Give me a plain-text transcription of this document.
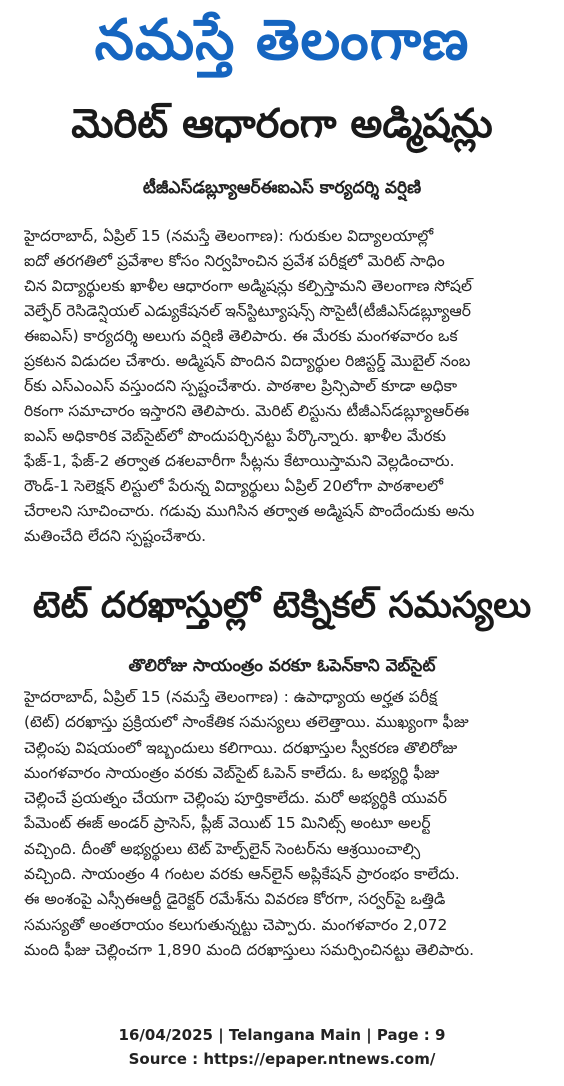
నమస్తే తెలంగాణ
మెరిట్ ఆధారంగా అడ్మిషన్లు
టీజీఎస్‌డబ్ల్యూఆర్ఈఐఎస్ కార్యదర్శి వర్షిణి
హైదరాబాద్, ఏప్రిల్ 15 (నమస్తే తెలంగాణ): గురుకుల విద్యాలయాల్లో
ఐదో తరగతిలో ప్రవేశాల కోసం నిర్వహించిన ప్రవేశ పరీక్షలో మెరిట్ సాధిం
చిన విద్యార్థులకు ఖాళీల ఆధారంగా అడ్మిషన్లు కల్పిస్తామని తెలంగాణ సోషల్
వెల్ఫేర్ రెసిడెన్షియల్ ఎడ్యుకేషనల్ ఇన్‌స్టిట్యూషన్స్ సొసైటీ(టీజీఎస్‌డబ్ల్యూఆర్
ఈఐఎస్) కార్యదర్శి అలుగు వర్షిణి తెలిపారు. ఈ మేరకు మంగళవారం ఒక
ప్రకటన విడుదల చేశారు. అడ్మిషన్ పొందిన విద్యార్థుల రిజిస్టర్డ్ మొబైల్ నంబ
ర్‌కు ఎస్ఎంఎస్ వస్తుందని స్పష్టంచేశారు. పాఠశాల ప్రిన్సిపాల్ కూడా అధికా
రికంగా సమాచారం ఇస్తారని తెలిపారు. మెరిట్ లిస్టును టీజీఎస్‌డబ్ల్యూఆర్ఈ
ఐఎస్ అధికారిక వెబ్‌సైట్‌లో పొందుపర్చినట్టు పేర్కొన్నారు. ఖాళీల మేరకు
ఫేజ్-1, ఫేజ్-2 తర్వాత దశలవారీగా సీట్లను కేటాయిస్తామని వెల్లడించారు.
రౌండ్-1 సెలెక్షన్ లిస్టులో పేరున్న విద్యార్థులు ఏప్రిల్ 20లోగా పాఠశాలలో
చేరాలని సూచించారు. గడువు ముగిసిన తర్వాత అడ్మిషన్ పొందేందుకు అను
మతించేది లేదని స్పష్టంచేశారు.
టెట్ దరఖాస్తుల్లో టెక్నికల్ సమస్యలు
తొలిరోజు సాయంత్రం వరకూ ఓపెన్‌కాని వెబ్‌సైట్
హైదరాబాద్, ఏప్రిల్ 15 (నమస్తే తెలంగాణ) : ఉపాధ్యాయ అర్హత పరీక్ష
(టెట్) దరఖాస్తు ప్రక్రియలో సాంకేతిక సమస్యలు తలెత్తాయి. ముఖ్యంగా ఫీజు
చెల్లింపు విషయంలో ఇబ్బందులు కలిగాయి. దరఖాస్తుల స్వీకరణ తొలిరోజు
మంగళవారం సాయంత్రం వరకు వెబ్‌సైట్ ఓపెన్ కాలేదు. ఓ అభ్యర్థి ఫీజు
చెల్లించే ప్రయత్నం చేయగా చెల్లింపు పూర్తికాలేదు. మరో అభ్యర్థికి యువర్
పేమెంట్ ఈజ్ అండర్ ప్రాసెస్, ప్లీజ్ వెయిట్ 15 మినిట్స్ అంటూ అలర్ట్
వచ్చింది. దీంతో అభ్యర్థులు టెట్ హెల్ప్‌లైన్ సెంటర్‌ను ఆశ్రయించాల్సి
వచ్చింది. సాయంత్రం 4 గంటల వరకు ఆన్‌లైన్ అప్లికేషన్ ప్రారంభం కాలేదు.
ఈ అంశంపై ఎస్సీఈఆర్టీ డైరెక్టర్ రమేశ్‌ను వివరణ కోరగా, సర్వర్‌పై ఒత్తిడి
సమస్యతో అంతరాయం కలుగుతున్నట్టు చెప్పారు. మంగళవారం 2,072
మంది ఫీజు చెల్లించగా 1,890 మంది దరఖాస్తులు సమర్పించినట్టు తెలిపారు.
16/04/2025 | Telangana Main | Page : 9
Source : https://epaper.ntnews.com/
